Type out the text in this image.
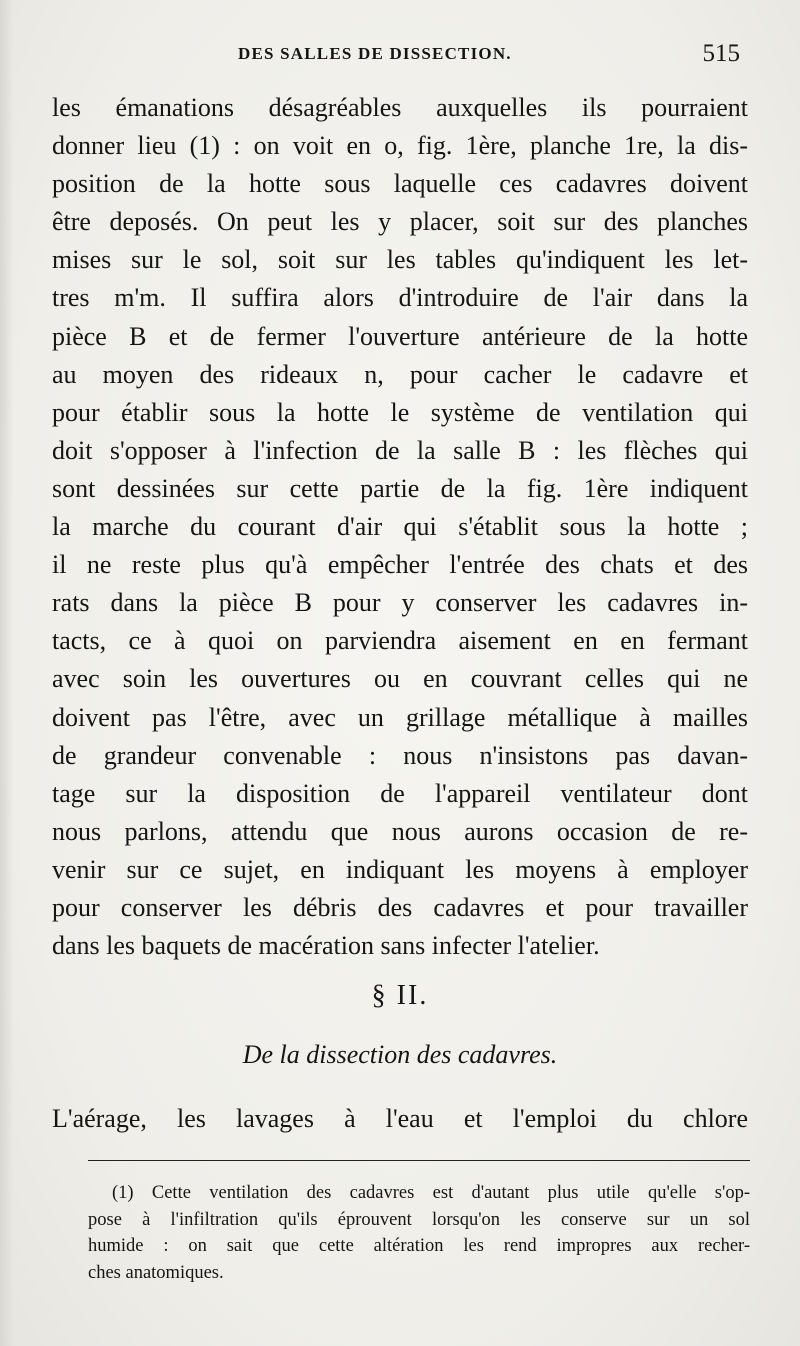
DES SALLES DE DISSECTION.	515
les émanations désagréables auxquelles ils pourraient
donner lieu (1) : on voit en o, fig. 1ère, planche 1re, la dis-
position de la hotte sous laquelle ces cadavres doivent
être deposés. On peut les y placer, soit sur des planches
mises sur le sol, soit sur les tables qu'indiquent les let-
tres m'm. Il suffira alors d'introduire de l'air dans la
pièce B et de fermer l'ouverture antérieure de la hotte
au moyen des rideaux n, pour cacher le cadavre et
pour établir sous la hotte le système de ventilation qui
doit s'opposer à l'infection de la salle B : les flèches qui
sont dessinées sur cette partie de la fig. 1ère indiquent
la marche du courant d'air qui s'établit sous la hotte ;
il ne reste plus qu'à empêcher l'entrée des chats et des
rats dans la pièce B pour y conserver les cadavres in-
tacts, ce à quoi on parviendra aisement en en fermant
avec soin les ouvertures ou en couvrant celles qui ne
doivent pas l'être, avec un grillage métallique à mailles
de grandeur convenable : nous n'insistons pas davan-
tage sur la disposition de l'appareil ventilateur dont
nous parlons, attendu que nous aurons occasion de re-
venir sur ce sujet, en indiquant les moyens à employer
pour conserver les débris des cadavres et pour travailler
dans les baquets de macération sans infecter l'atelier.
§ II.
De la dissection des cadavres.
L'aérage, les lavages à l'eau et l'emploi du chlore
(1) Cette ventilation des cadavres est d'autant plus utile qu'elle s'op-
pose à l'infiltration qu'ils éprouvent lorsqu'on les conserve sur un sol
humide : on sait que cette altération les rend impropres aux recher-
ches anatomiques.
